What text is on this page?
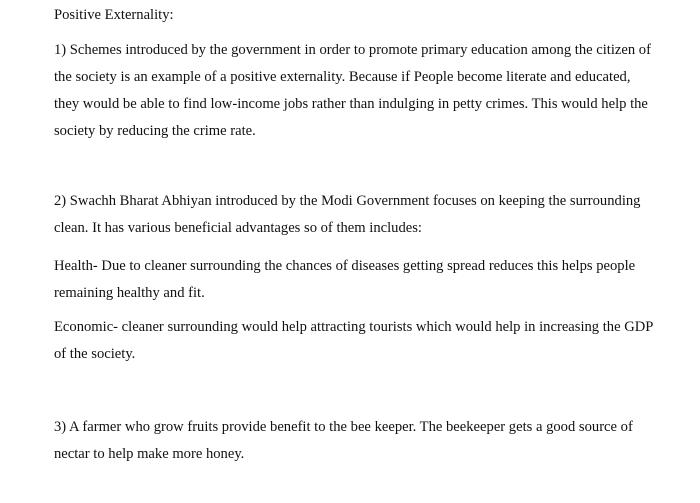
Positive Externality:

1) Schemes introduced by the government in order to promote primary education among the citizen of the society is an example of a positive externality. Because if People become literate and educated, they would be able to find low-income jobs rather than indulging in petty crimes. This would help the society by reducing the crime rate.

2) Swachh Bharat Abhiyan introduced by the Modi Government focuses on keeping the surrounding clean. It has various beneficial advantages so of them includes:

Health- Due to cleaner surrounding the chances of diseases getting spread reduces this helps people remaining healthy and fit.

Economic- cleaner surrounding would help attracting tourists which would help in increasing the GDP of the society.

3) A farmer who grow fruits provide benefit to the bee keeper. The beekeeper gets a good source of nectar to help make more honey.
